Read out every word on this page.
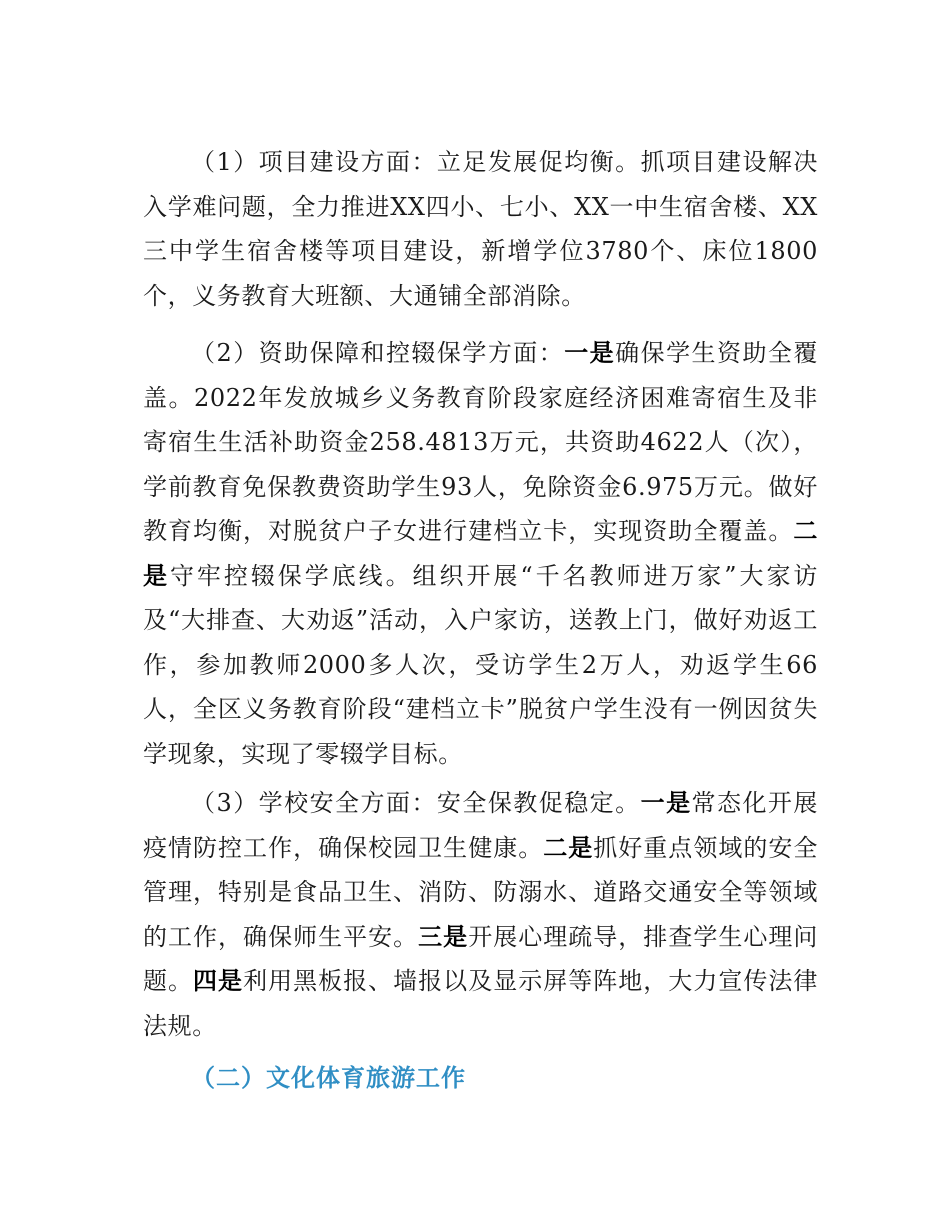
（1）项目建设方面：立足发展促均衡。抓项目建设解决入学难问题，全力推进XX四小、七小、XX一中生宿舍楼、XX三中学生宿舍楼等项目建设，新增学位3780个、床位1800个，义务教育大班额、大通铺全部消除。

（2）资助保障和控辍保学方面：一是确保学生资助全覆盖。2022年发放城乡义务教育阶段家庭经济困难寄宿生及非寄宿生生活补助资金258.4813万元，共资助4622人（次），学前教育免保教费资助学生93人，免除资金6.975万元。做好教育均衡，对脱贫户子女进行建档立卡，实现资助全覆盖。二是守牢控辍保学底线。组织开展“千名教师进万家”大家访及“大排查、大劝返”活动，入户家访，送教上门，做好劝返工作，参加教师2000多人次，受访学生2万人，劝返学生66人，全区义务教育阶段“建档立卡”脱贫户学生没有一例因贫失学现象，实现了零辍学目标。

（3）学校安全方面：安全保教促稳定。一是常态化开展疫情防控工作，确保校园卫生健康。二是抓好重点领域的安全管理，特别是食品卫生、消防、防溺水、道路交通安全等领域的工作，确保师生平安。三是开展心理疏导，排查学生心理问题。四是利用黑板报、墙报以及显示屏等阵地，大力宣传法律法规。

（二）文化体育旅游工作
